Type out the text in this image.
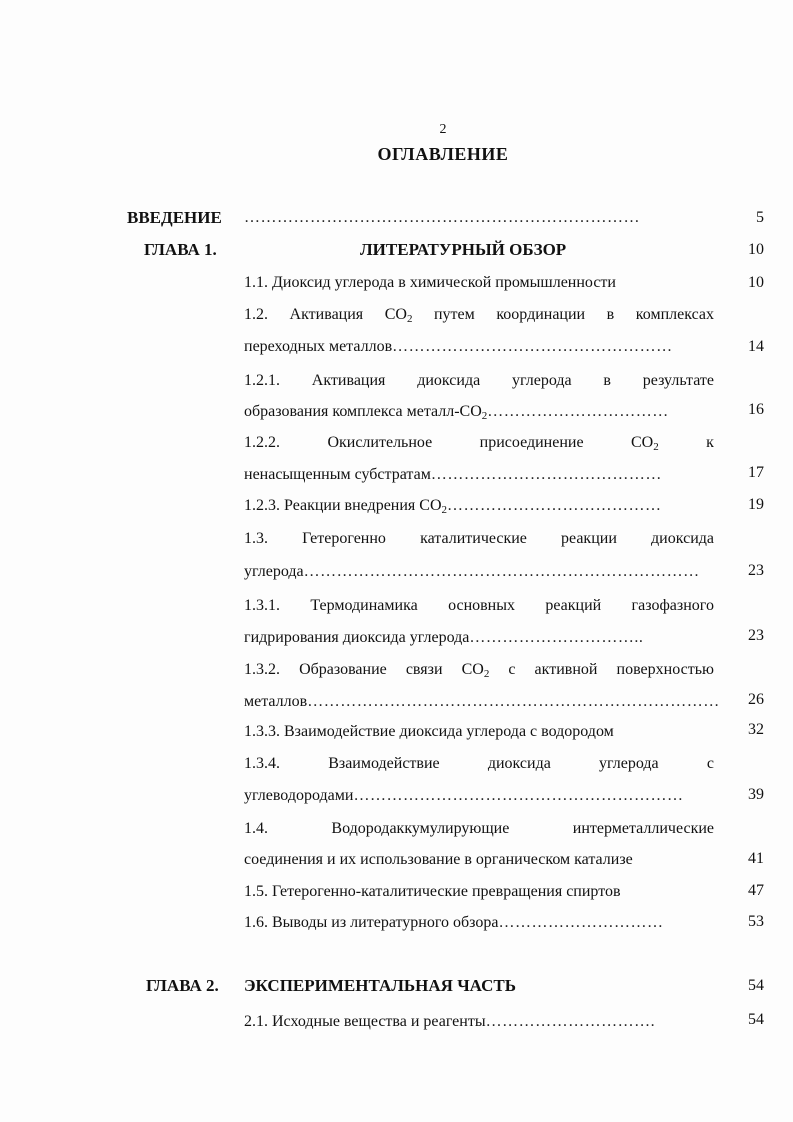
2
ОГЛАВЛЕНИЕ
ВВЕДЕНИЕ ………………………………………………………………	5
ГЛАВА 1.	ЛИТЕРАТУРНЫЙ ОБЗОР	10
1.1. Диоксид углерода в химической промышленности	10
1.2. Активация $CO_2$ путем координации в комплексах
переходных металлов……………………………………………	14
1.2.1. Активация диоксида углерода в результате
образования комплекса металл-$CO_2\dots\dots\dots\dots\dots\dots\dots\dots\dots\dots\dots$	16
1.2.2.	Окислительное	присоединение	$CO_2$	к
ненасыщенным субстратам……………………………………	17
1.2.3. Реакции внедрения $CO_2\dots\dots\dots\dots\dots\dots\dots\dots\dots\dots\dots\dots\dots$	19
1.3. Гетерогенно каталитические реакции диоксида
углерода………………………………………………………………	23
1.3.1. Термодинамика основных реакций газофазного
гидрирования диоксида углерода…………………………..	23
1.3.2. Образование связи $CO_2$ с активной поверхностью
металлов…………………………………………………………………	26
1.3.3. Взаимодействие диоксида углерода с водородом	32
1.3.4.	Взаимодействие	диоксида	углерода	с
углеводородами……………………………………………………	39
1.4.	Водородаккумулирующие	интерметаллические
соединения и их использование в органическом катализе	41
1.5. Гетерогенно-каталитические превращения спиртов	47
1.6. Выводы из литературного обзора…………………………	53
ГЛАВА 2. ЭКСПЕРИМЕНТАЛЬНАЯ ЧАСТЬ	54
2.1. Исходные вещества и реагенты………………………….	54
